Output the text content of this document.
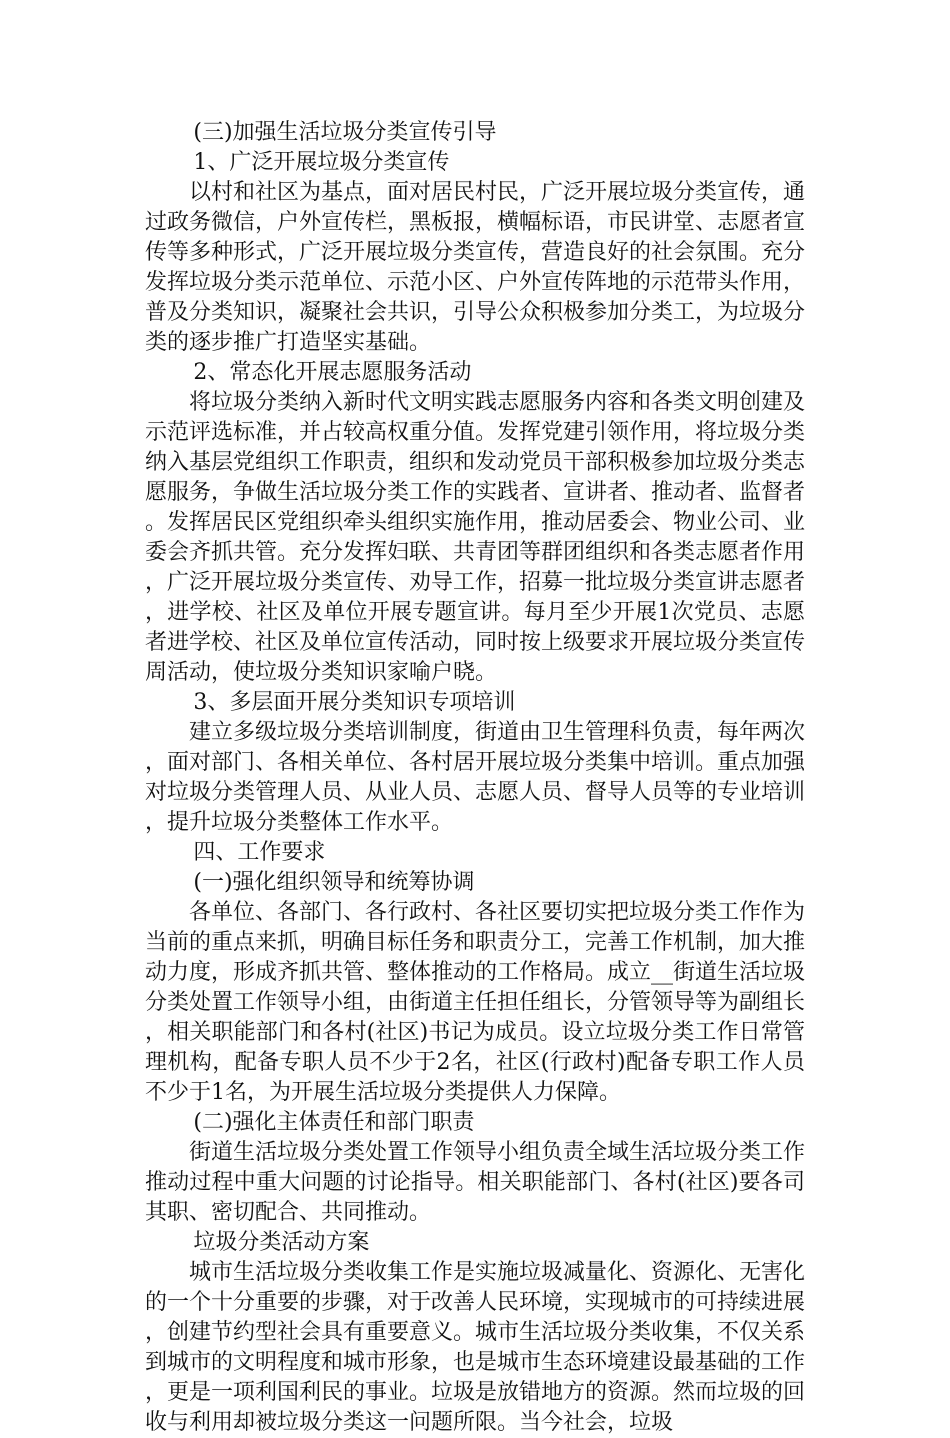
(三)加强生活垃圾分类宣传引导

1、广泛开展垃圾分类宣传

以村和社区为基点，面对居民村民，广泛开展垃圾分类宣传，通过政务微信，户外宣传栏，黑板报，横幅标语，市民讲堂、志愿者宣传等多种形式，广泛开展垃圾分类宣传，营造良好的社会氛围。充分发挥垃圾分类示范单位、示范小区、户外宣传阵地的示范带头作用，普及分类知识，凝聚社会共识，引导公众积极参加分类工，为垃圾分类的逐步推广打造坚实基础。

2、常态化开展志愿服务活动

将垃圾分类纳入新时代文明实践志愿服务内容和各类文明创建及示范评选标准，并占较高权重分值。发挥党建引领作用，将垃圾分类纳入基层党组织工作职责，组织和发动党员干部积极参加垃圾分类志愿服务，争做生活垃圾分类工作的实践者、宣讲者、推动者、监督者。发挥居民区党组织牵头组织实施作用，推动居委会、物业公司、业委会齐抓共管。充分发挥妇联、共青团等群团组织和各类志愿者作用，广泛开展垃圾分类宣传、劝导工作，招募一批垃圾分类宣讲志愿者，进学校、社区及单位开展专题宣讲。每月至少开展1次党员、志愿者进学校、社区及单位宣传活动，同时按上级要求开展垃圾分类宣传周活动，使垃圾分类知识家喻户晓。

3、多层面开展分类知识专项培训

建立多级垃圾分类培训制度，街道由卫生管理科负责，每年两次，面对部门、各相关单位、各村居开展垃圾分类集中培训。重点加强对垃圾分类管理人员、从业人员、志愿人员、督导人员等的专业培训，提升垃圾分类整体工作水平。

四、工作要求

(一)强化组织领导和统筹协调

各单位、各部门、各行政村、各社区要切实把垃圾分类工作作为当前的重点来抓，明确目标任务和职责分工，完善工作机制，加大推动力度，形成齐抓共管、整体推动的工作格局。成立__街道生活垃圾分类处置工作领导小组，由街道主任担任组长，分管领导等为副组长，相关职能部门和各村(社区)书记为成员。设立垃圾分类工作日常管理机构，配备专职人员不少于2名，社区(行政村)配备专职工作人员不少于1名，为开展生活垃圾分类提供人力保障。

(二)强化主体责任和部门职责

街道生活垃圾分类处置工作领导小组负责全域生活垃圾分类工作推动过程中重大问题的讨论指导。相关职能部门、各村(社区)要各司其职、密切配合、共同推动。

垃圾分类活动方案

城市生活垃圾分类收集工作是实施垃圾减量化、资源化、无害化的一个十分重要的步骤，对于改善人民环境，实现城市的可持续进展，创建节约型社会具有重要意义。城市生活垃圾分类收集，不仅关系到城市的文明程度和城市形象，也是城市生态环境建设最基础的工作，更是一项利国利民的事业。垃圾是放错地方的资源。然而垃圾的回收与利用却被垃圾分类这一问题所限。当今社会，垃圾
